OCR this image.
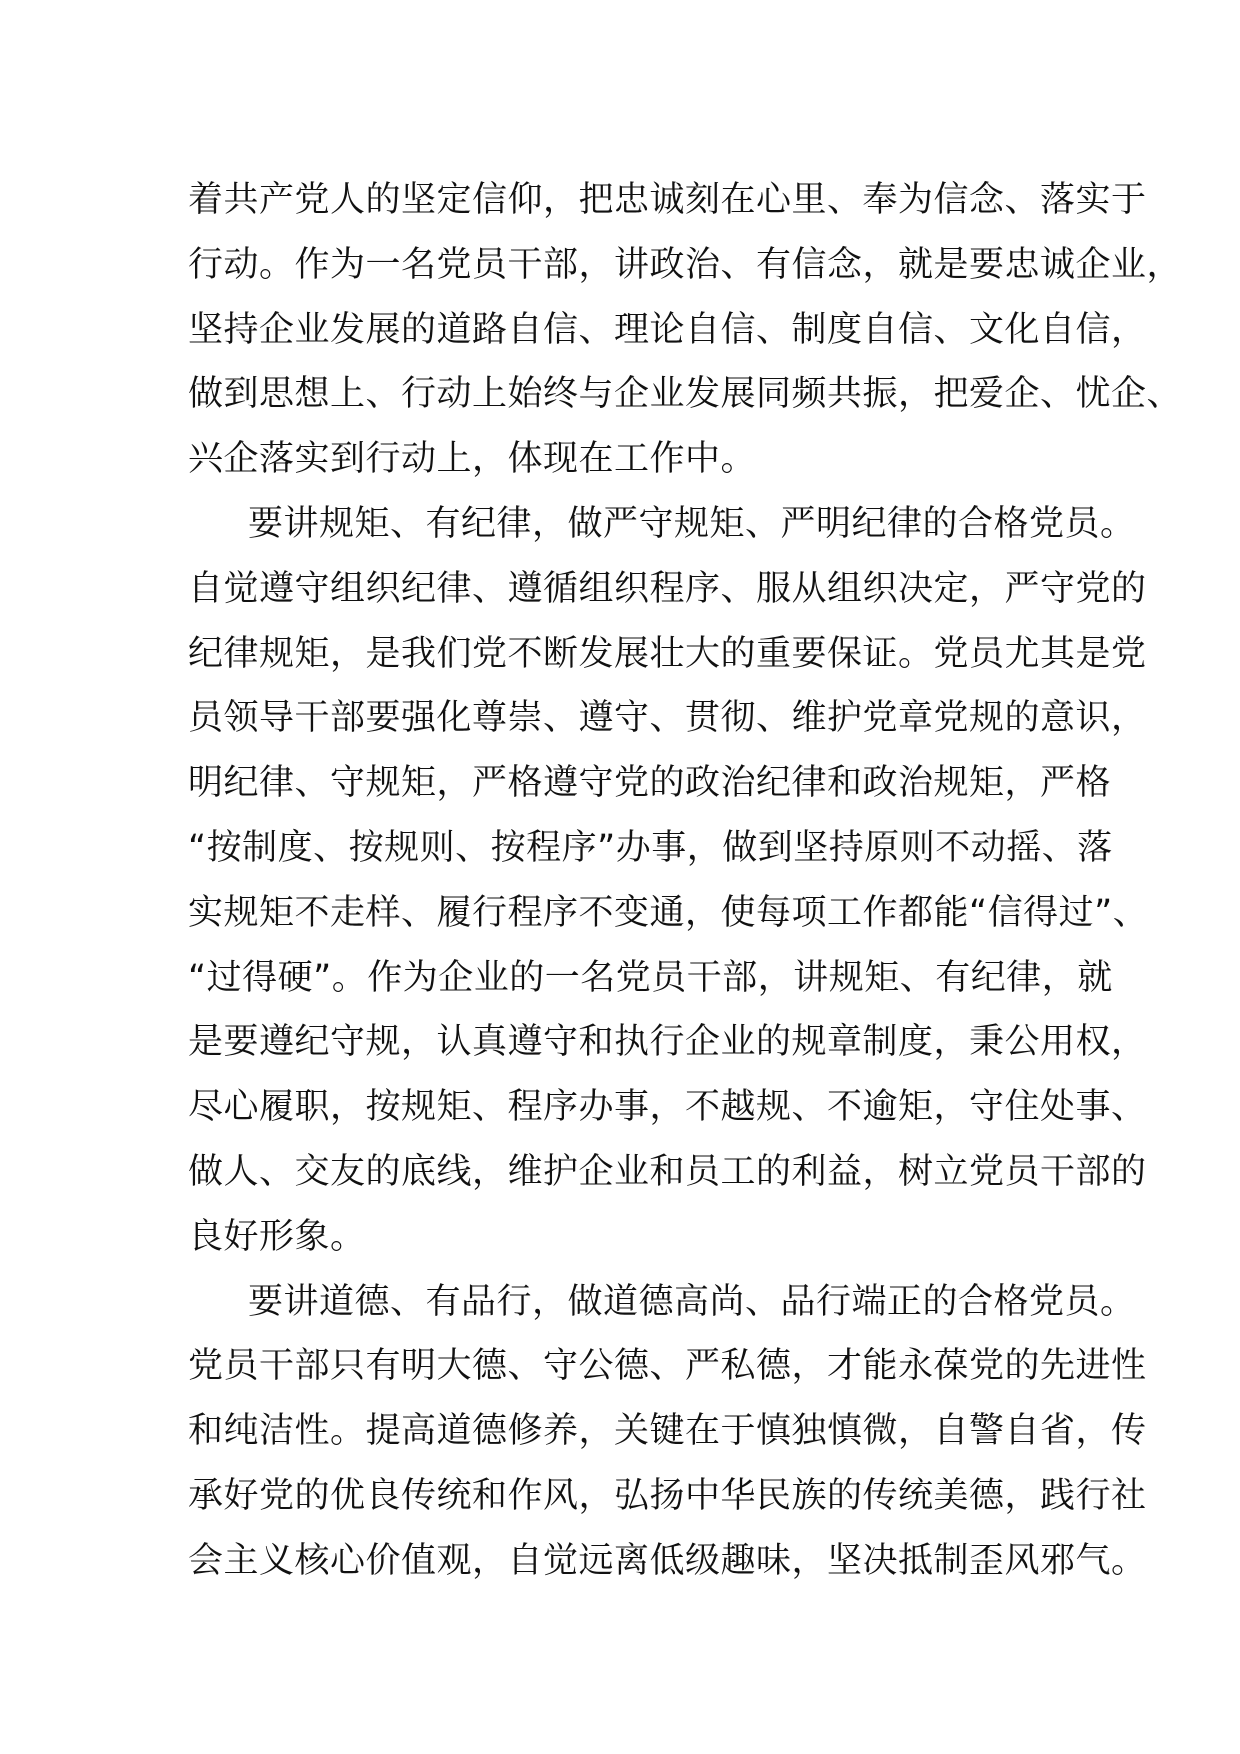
着共产党人的坚定信仰，把忠诚刻在心里、奉为信念、落实于
行动。作为一名党员干部，讲政治、有信念，就是要忠诚企业，
坚持企业发展的道路自信、理论自信、制度自信、文化自信，
做到思想上、行动上始终与企业发展同频共振，把爱企、忧企、
兴企落实到行动上，体现在工作中。
要讲规矩、有纪律，做严守规矩、严明纪律的合格党员。
自觉遵守组织纪律、遵循组织程序、服从组织决定，严守党的
纪律规矩，是我们党不断发展壮大的重要保证。党员尤其是党
员领导干部要强化尊崇、遵守、贯彻、维护党章党规的意识，
明纪律、守规矩，严格遵守党的政治纪律和政治规矩，严格
“按制度、按规则、按程序”办事，做到坚持原则不动摇、落
实规矩不走样、履行程序不变通，使每项工作都能“信得过”、
“过得硬”。作为企业的一名党员干部，讲规矩、有纪律，就
是要遵纪守规，认真遵守和执行企业的规章制度，秉公用权，
尽心履职，按规矩、程序办事，不越规、不逾矩，守住处事、
做人、交友的底线，维护企业和员工的利益，树立党员干部的
良好形象。
要讲道德、有品行，做道德高尚、品行端正的合格党员。
党员干部只有明大德、守公德、严私德，才能永葆党的先进性
和纯洁性。提高道德修养，关键在于慎独慎微，自警自省，传
承好党的优良传统和作风，弘扬中华民族的传统美德，践行社
会主义核心价值观，自觉远离低级趣味，坚决抵制歪风邪气。
